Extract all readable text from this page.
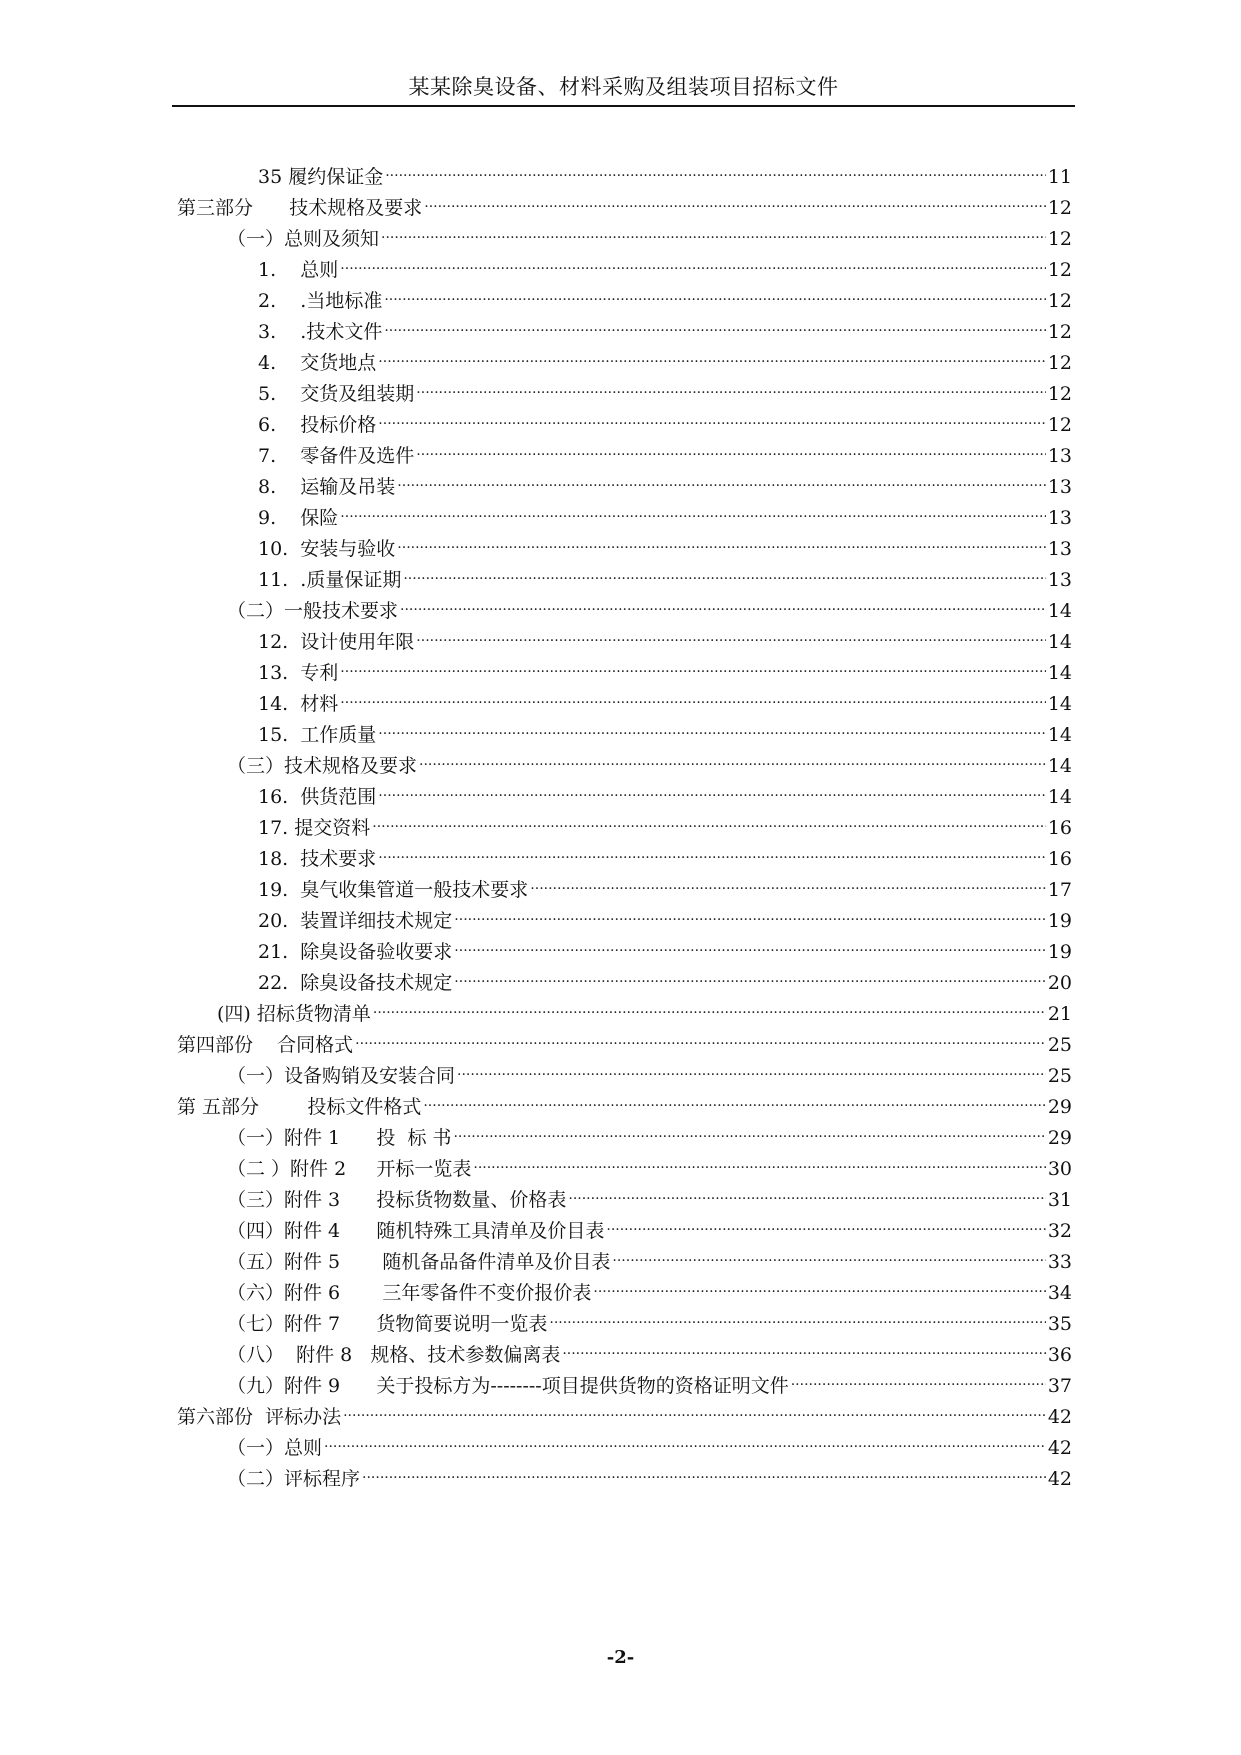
某某除臭设备、材料采购及组装项目招标文件
35 履约保证金 .....	11
第三部分      技术规格及要求 .....	12
（一）总则及须知 .....	12
1.    总则 .....	12
2.    .当地标准 .....	12
3.    .技术文件 .....	12
4.    交货地点 .....	12
5.    交货及组装期 .....	12
6.    投标价格 .....	12
7.    零备件及选件 .....	13
8.    运输及吊装 .....	13
9.    保险 .....	13
10.  安装与验收 .....	13
11.  .质量保证期 .....	13
（二）一般技术要求 .....	14
12.  设计使用年限 .....	14
13.  专利 .....	14
14.  材料 .....	14
15.  工作质量 .....	14
（三）技术规格及要求 .....	14
16.  供货范围 .....	14
17. 提交资料 .....	16
18.  技术要求 .....	16
19.  臭气收集管道一般技术要求 .....	17
20.  装置详细技术规定 .....	19
21.  除臭设备验收要求 .....	19
22.  除臭设备技术规定 .....	20
(四) 招标货物清单 .....	21
第四部份    合同格式 .....	25
（一）设备购销及安装合同 .....	25
第 五部分        投标文件格式 .....	29
（一）附件 1      投  标 书 .....	29
（二 ）附件 2     开标一览表 .....	30
（三）附件 3      投标货物数量、价格表 .....	31
（四）附件 4      随机特殊工具清单及价目表 .....	32
（五）附件 5       随机备品备件清单及价目表 .....	33
（六）附件 6       三年零备件不变价报价表 .....	34
（七）附件 7      货物简要说明一览表 .....	35
（八）  附件 8   规格、技术参数偏离表 .....	36
（九）附件 9      关于投标方为--------项目提供货物的资格证明文件 .....	37
第六部份  评标办法 .....	42
（一）总则 .....	42
（二）评标程序 .....	42
-2-
